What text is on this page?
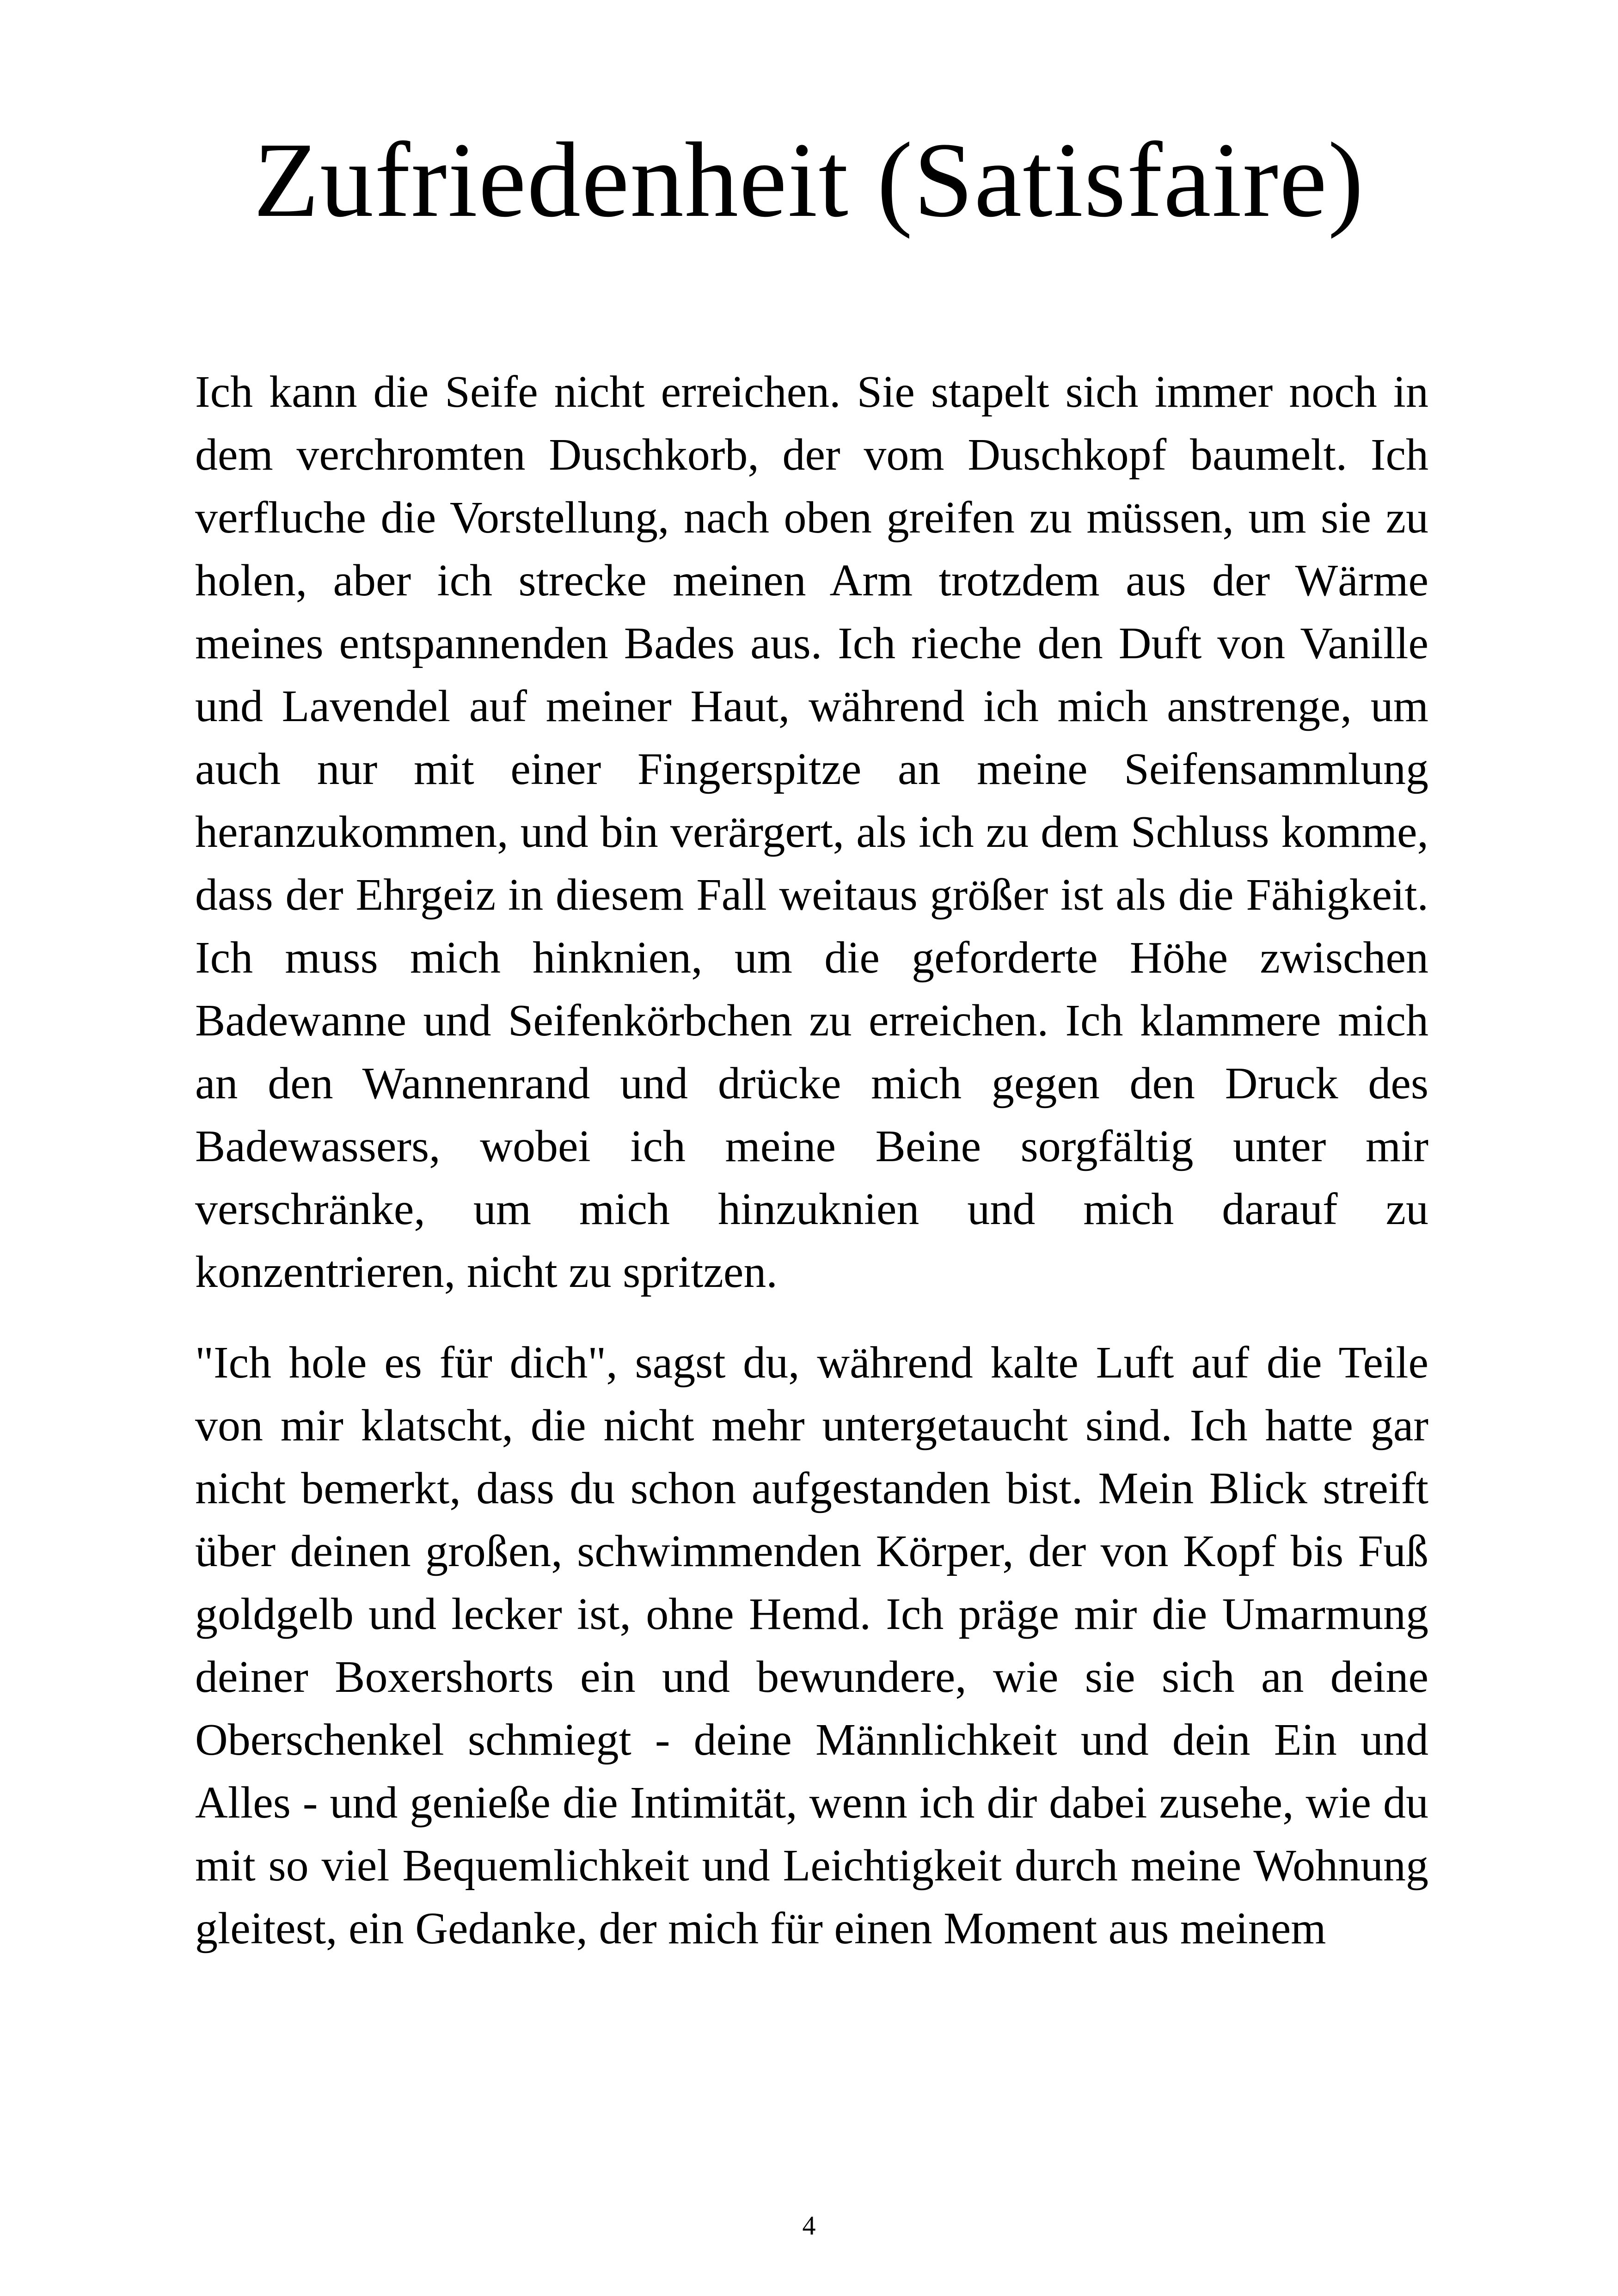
Zufriedenheit (Satisfaire)

Ich kann die Seife nicht erreichen. Sie stapelt sich immer noch in dem verchromten Duschkorb, der vom Duschkopf baumelt. Ich verfluche die Vorstellung, nach oben greifen zu müssen, um sie zu holen, aber ich strecke meinen Arm trotzdem aus der Wärme meines entspannenden Bades aus. Ich rieche den Duft von Vanille und Lavendel auf meiner Haut, während ich mich anstrenge, um auch nur mit einer Fingerspitze an meine Seifensammlung heranzukommen, und bin verärgert, als ich zu dem Schluss komme, dass der Ehrgeiz in diesem Fall weitaus größer ist als die Fähigkeit. Ich muss mich hinknien, um die geforderte Höhe zwischen Badewanne und Seifenkörbchen zu erreichen. Ich klammere mich an den Wannenrand und drücke mich gegen den Druck des Badewassers, wobei ich meine Beine sorgfältig unter mir verschränke, um mich hinzuknien und mich darauf zu konzentrieren, nicht zu spritzen.

"Ich hole es für dich", sagst du, während kalte Luft auf die Teile von mir klatscht, die nicht mehr untergetaucht sind. Ich hatte gar nicht bemerkt, dass du schon aufgestanden bist. Mein Blick streift über deinen großen, schwimmenden Körper, der von Kopf bis Fuß goldgelb und lecker ist, ohne Hemd. Ich präge mir die Umarmung deiner Boxershorts ein und bewundere, wie sie sich an deine Oberschenkel schmiegt - deine Männlichkeit und dein Ein und Alles - und genieße die Intimität, wenn ich dir dabei zusehe, wie du mit so viel Bequemlichkeit und Leichtigkeit durch meine Wohnung gleitest, ein Gedanke, der mich für einen Moment aus meinem

4
